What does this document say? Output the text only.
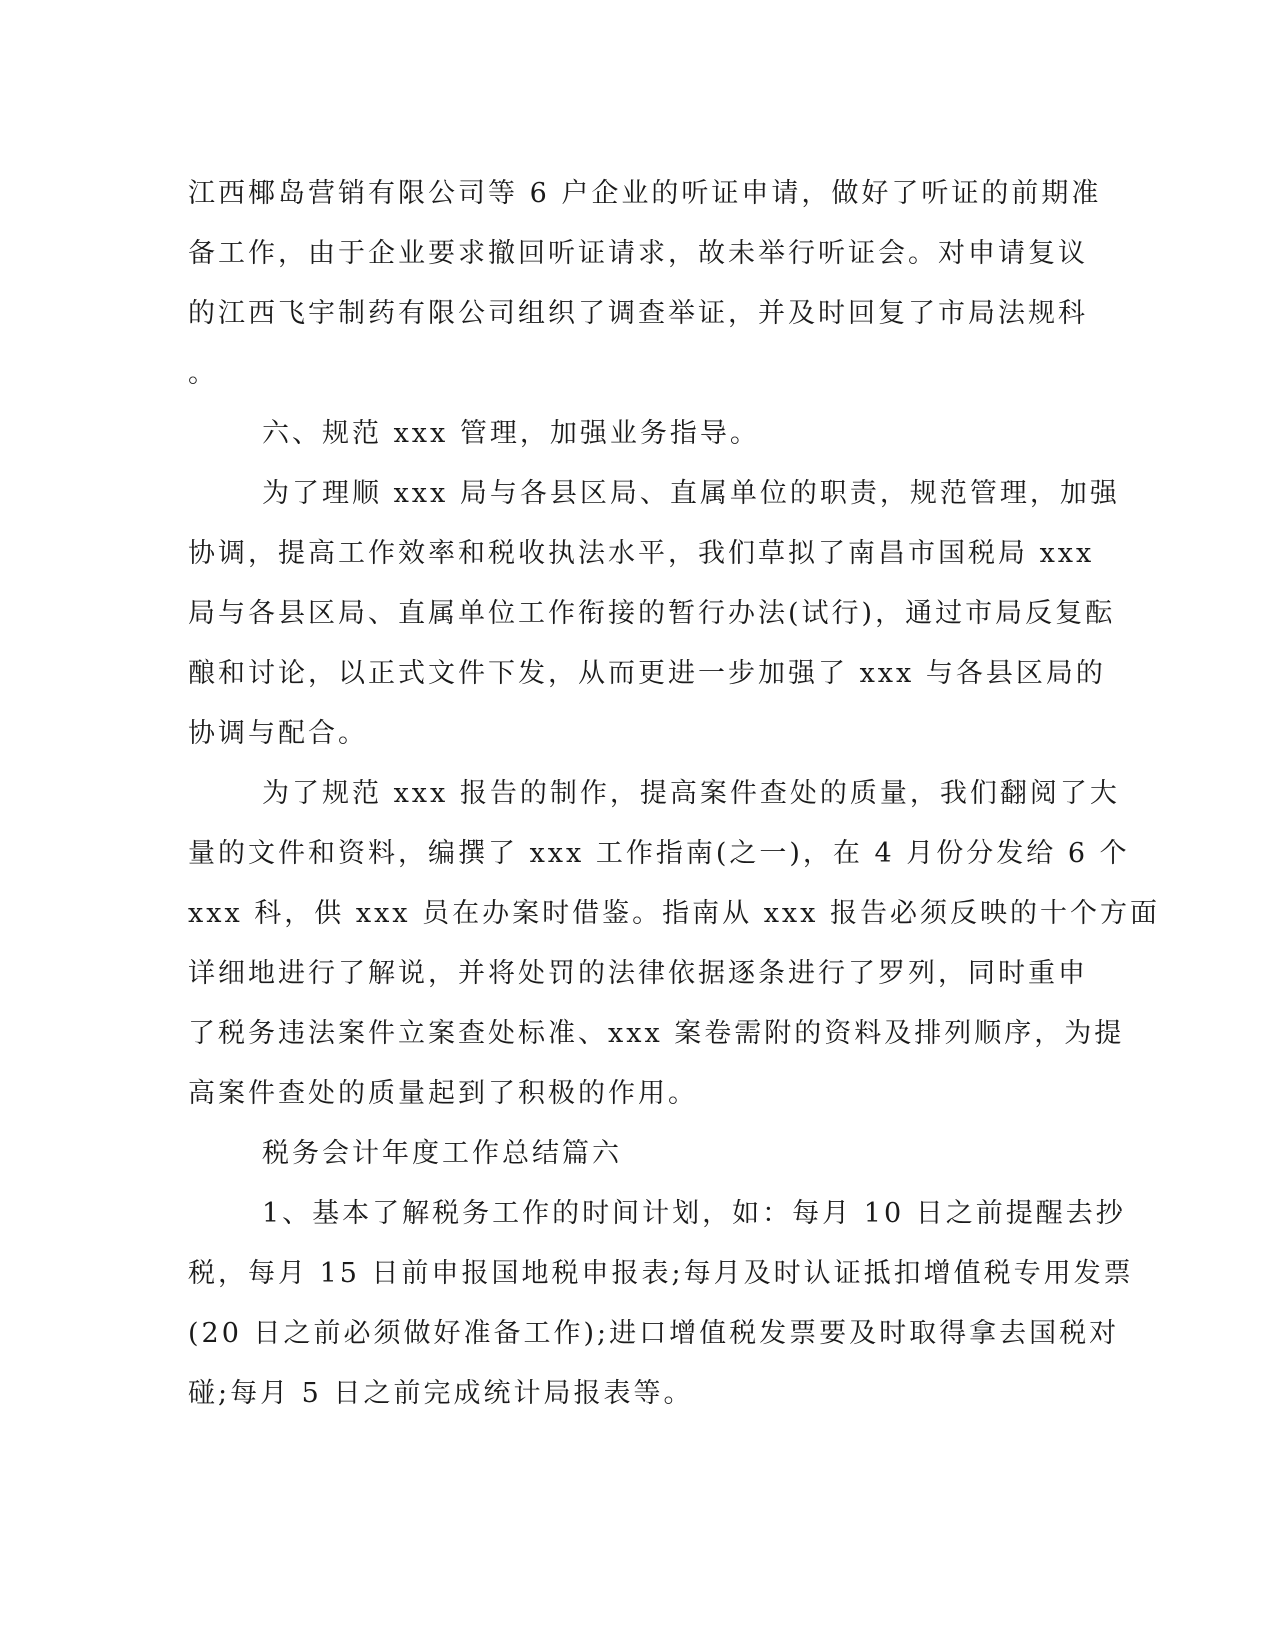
江西椰岛营销有限公司等 6 户企业的听证申请，做好了听证的前期准
备工作，由于企业要求撤回听证请求，故未举行听证会。对申请复议
的江西飞宇制药有限公司组织了调查举证，并及时回复了市局法规科
。
六、规范 xxx 管理，加强业务指导。
为了理顺 xxx 局与各县区局、直属单位的职责，规范管理，加强
协调，提高工作效率和税收执法水平，我们草拟了南昌市国税局 xxx
局与各县区局、直属单位工作衔接的暂行办法(试行)，通过市局反复酝
酿和讨论，以正式文件下发，从而更进一步加强了 xxx 与各县区局的
协调与配合。
为了规范 xxx 报告的制作，提高案件查处的质量，我们翻阅了大
量的文件和资料，编撰了 xxx 工作指南(之一)，在 4 月份分发给 6 个
xxx 科，供 xxx 员在办案时借鉴。指南从 xxx 报告必须反映的十个方面
详细地进行了解说，并将处罚的法律依据逐条进行了罗列，同时重申
了税务违法案件立案查处标准、xxx 案卷需附的资料及排列顺序，为提
高案件查处的质量起到了积极的作用。
税务会计年度工作总结篇六
1、基本了解税务工作的时间计划，如：每月 10 日之前提醒去抄
税，每月 15 日前申报国地税申报表;每月及时认证抵扣增值税专用发票
(20 日之前必须做好准备工作);进口增值税发票要及时取得拿去国税对
碰;每月 5 日之前完成统计局报表等。
